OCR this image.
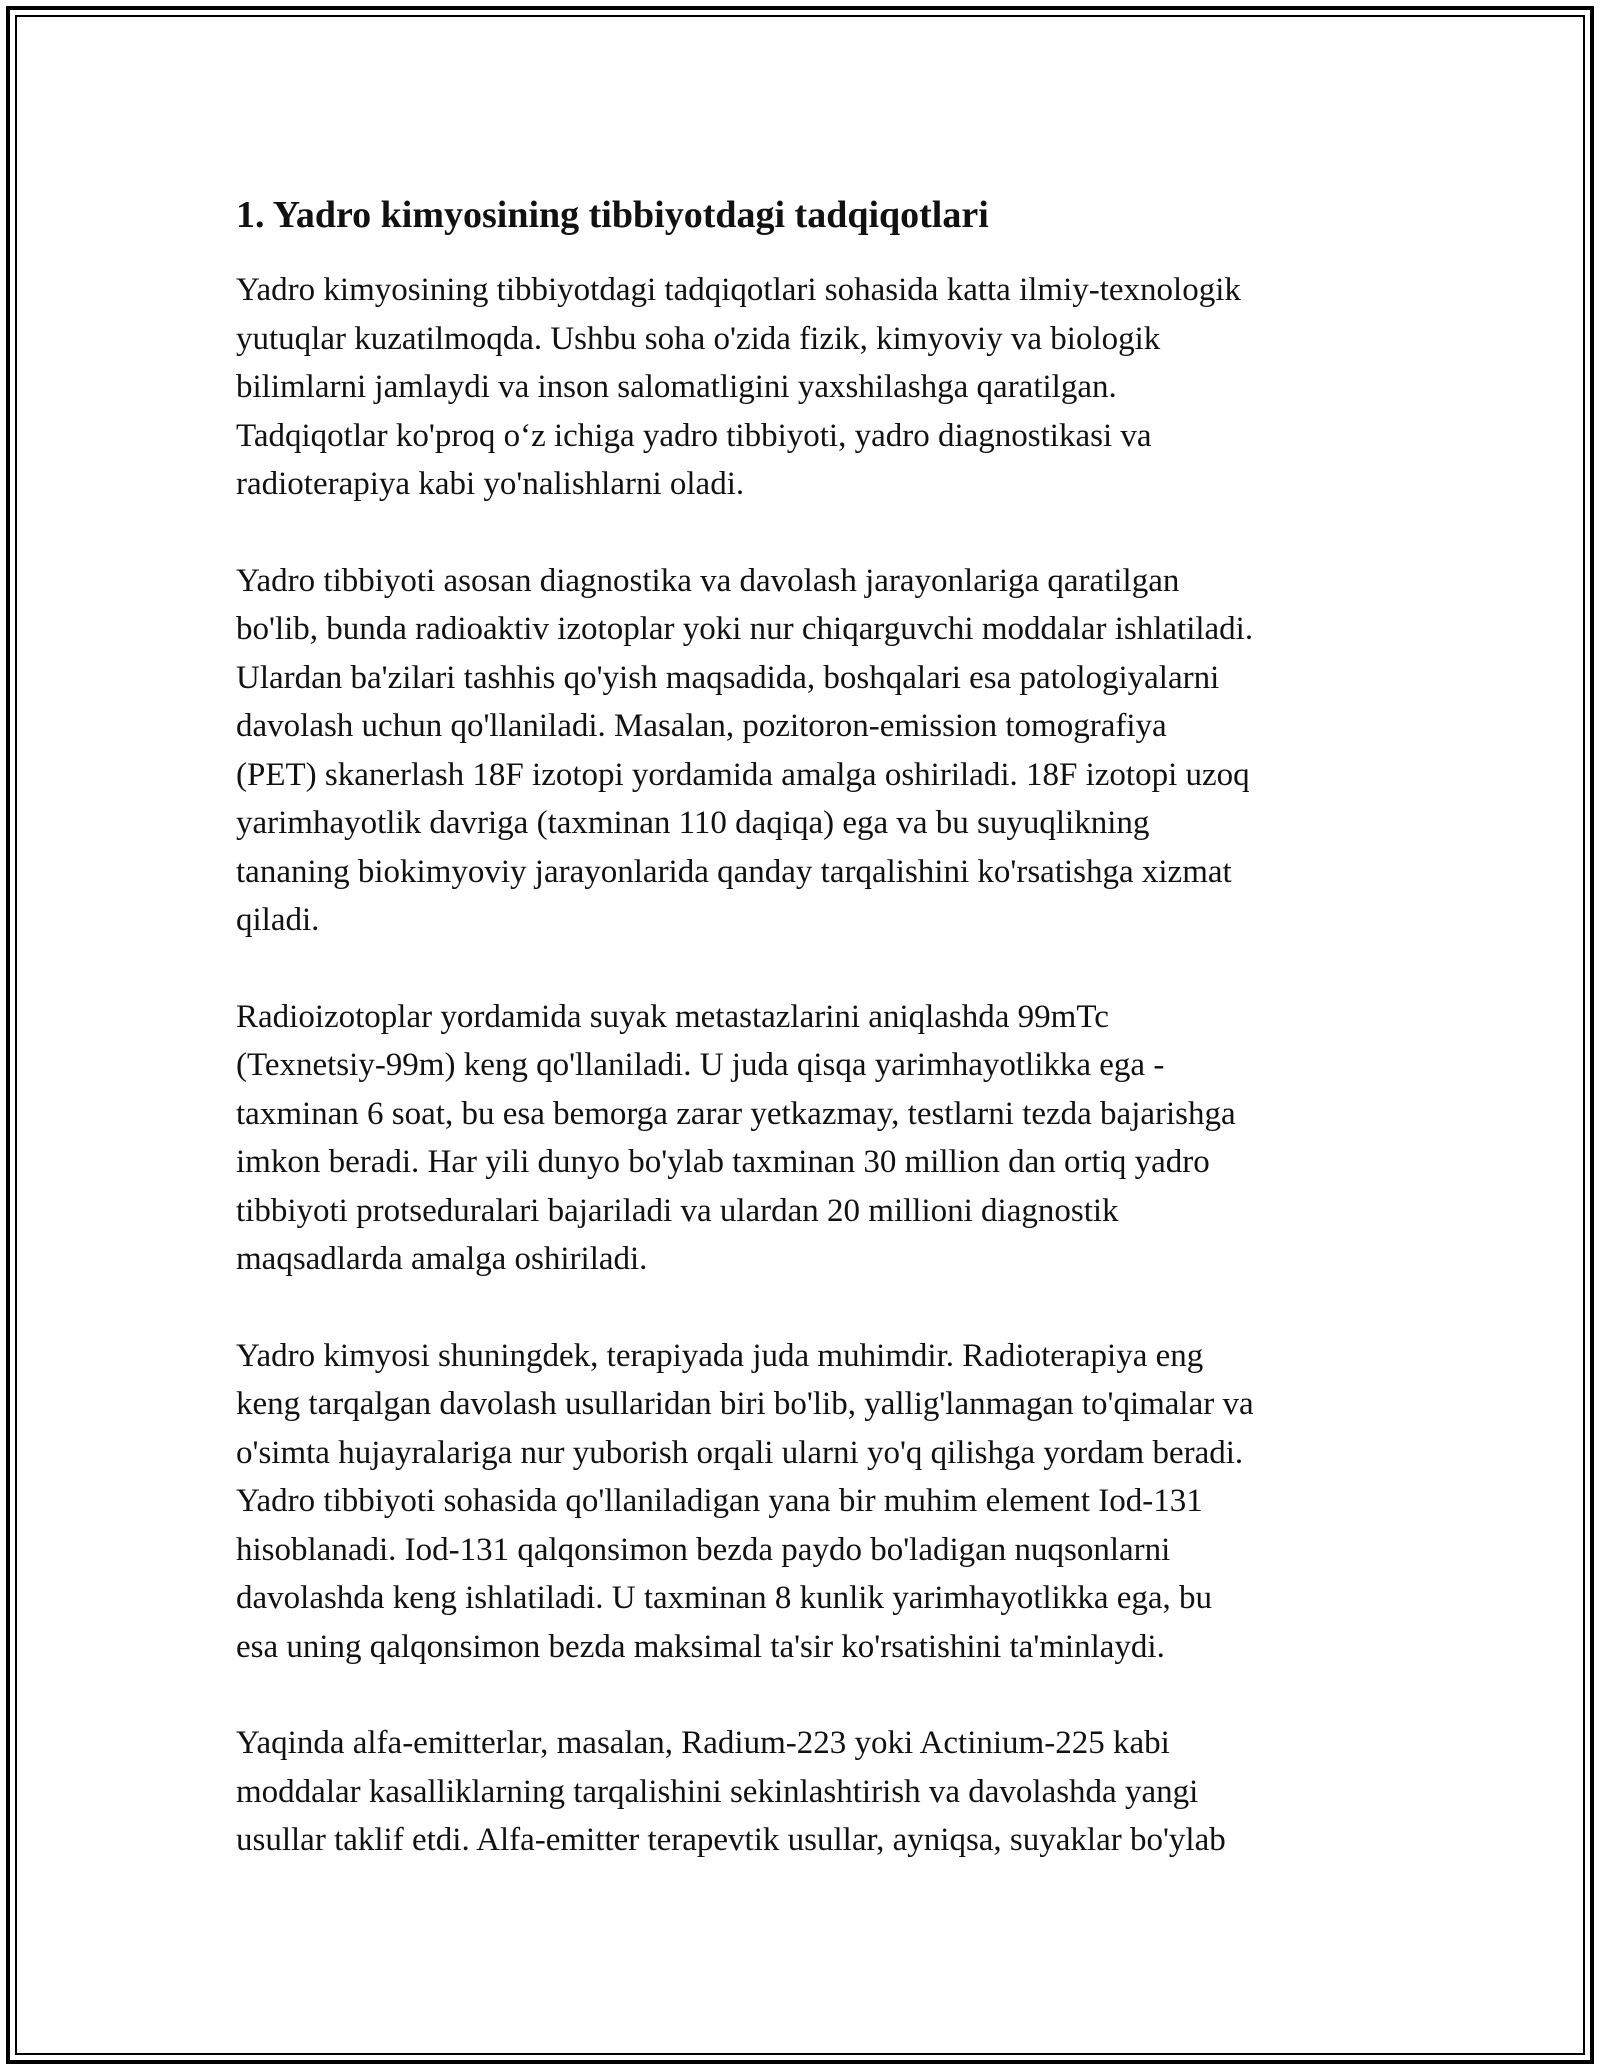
1. Yadro kimyosining tibbiyotdagi tadqiqotlari

Yadro kimyosining tibbiyotdagi tadqiqotlari sohasida katta ilmiy-texnologik
yutuqlar kuzatilmoqda. Ushbu soha o'zida fizik, kimyoviy va biologik
bilimlarni jamlaydi va inson salomatligini yaxshilashga qaratilgan.
Tadqiqotlar ko'proq o‘z ichiga yadro tibbiyoti, yadro diagnostikasi va
radioterapiya kabi yo'nalishlarni oladi.

Yadro tibbiyoti asosan diagnostika va davolash jarayonlariga qaratilgan
bo'lib, bunda radioaktiv izotoplar yoki nur chiqarguvchi moddalar ishlatiladi.
Ulardan ba'zilari tashhis qo'yish maqsadida, boshqalari esa patologiyalarni
davolash uchun qo'llaniladi. Masalan, pozitoron-emission tomografiya
(PET) skanerlash 18F izotopi yordamida amalga oshiriladi. 18F izotopi uzoq
yarimhayotlik davriga (taxminan 110 daqiqa) ega va bu suyuqlikning
tananing biokimyoviy jarayonlarida qanday tarqalishini ko'rsatishga xizmat
qiladi.

Radioizotoplar yordamida suyak metastazlarini aniqlashda 99mTc
(Texnetsiy-99m) keng qo'llaniladi. U juda qisqa yarimhayotlikka ega -
taxminan 6 soat, bu esa bemorga zarar yetkazmay, testlarni tezda bajarishga
imkon beradi. Har yili dunyo bo'ylab taxminan 30 million dan ortiq yadro
tibbiyoti protseduralari bajariladi va ulardan 20 millioni diagnostik
maqsadlarda amalga oshiriladi.

Yadro kimyosi shuningdek, terapiyada juda muhimdir. Radioterapiya eng
keng tarqalgan davolash usullaridan biri bo'lib, yallig'lanmagan to'qimalar va
o'simta hujayralariga nur yuborish orqali ularni yo'q qilishga yordam beradi.
Yadro tibbiyoti sohasida qo'llaniladigan yana bir muhim element Iod-131
hisoblanadi. Iod-131 qalqonsimon bezda paydo bo'ladigan nuqsonlarni
davolashda keng ishlatiladi. U taxminan 8 kunlik yarimhayotlikka ega, bu
esa uning qalqonsimon bezda maksimal ta'sir ko'rsatishini ta'minlaydi.

Yaqinda alfa-emitterlar, masalan, Radium-223 yoki Actinium-225 kabi
moddalar kasalliklarning tarqalishini sekinlashtirish va davolashda yangi
usullar taklif etdi. Alfa-emitter terapevtik usullar, ayniqsa, suyaklar bo'ylab
